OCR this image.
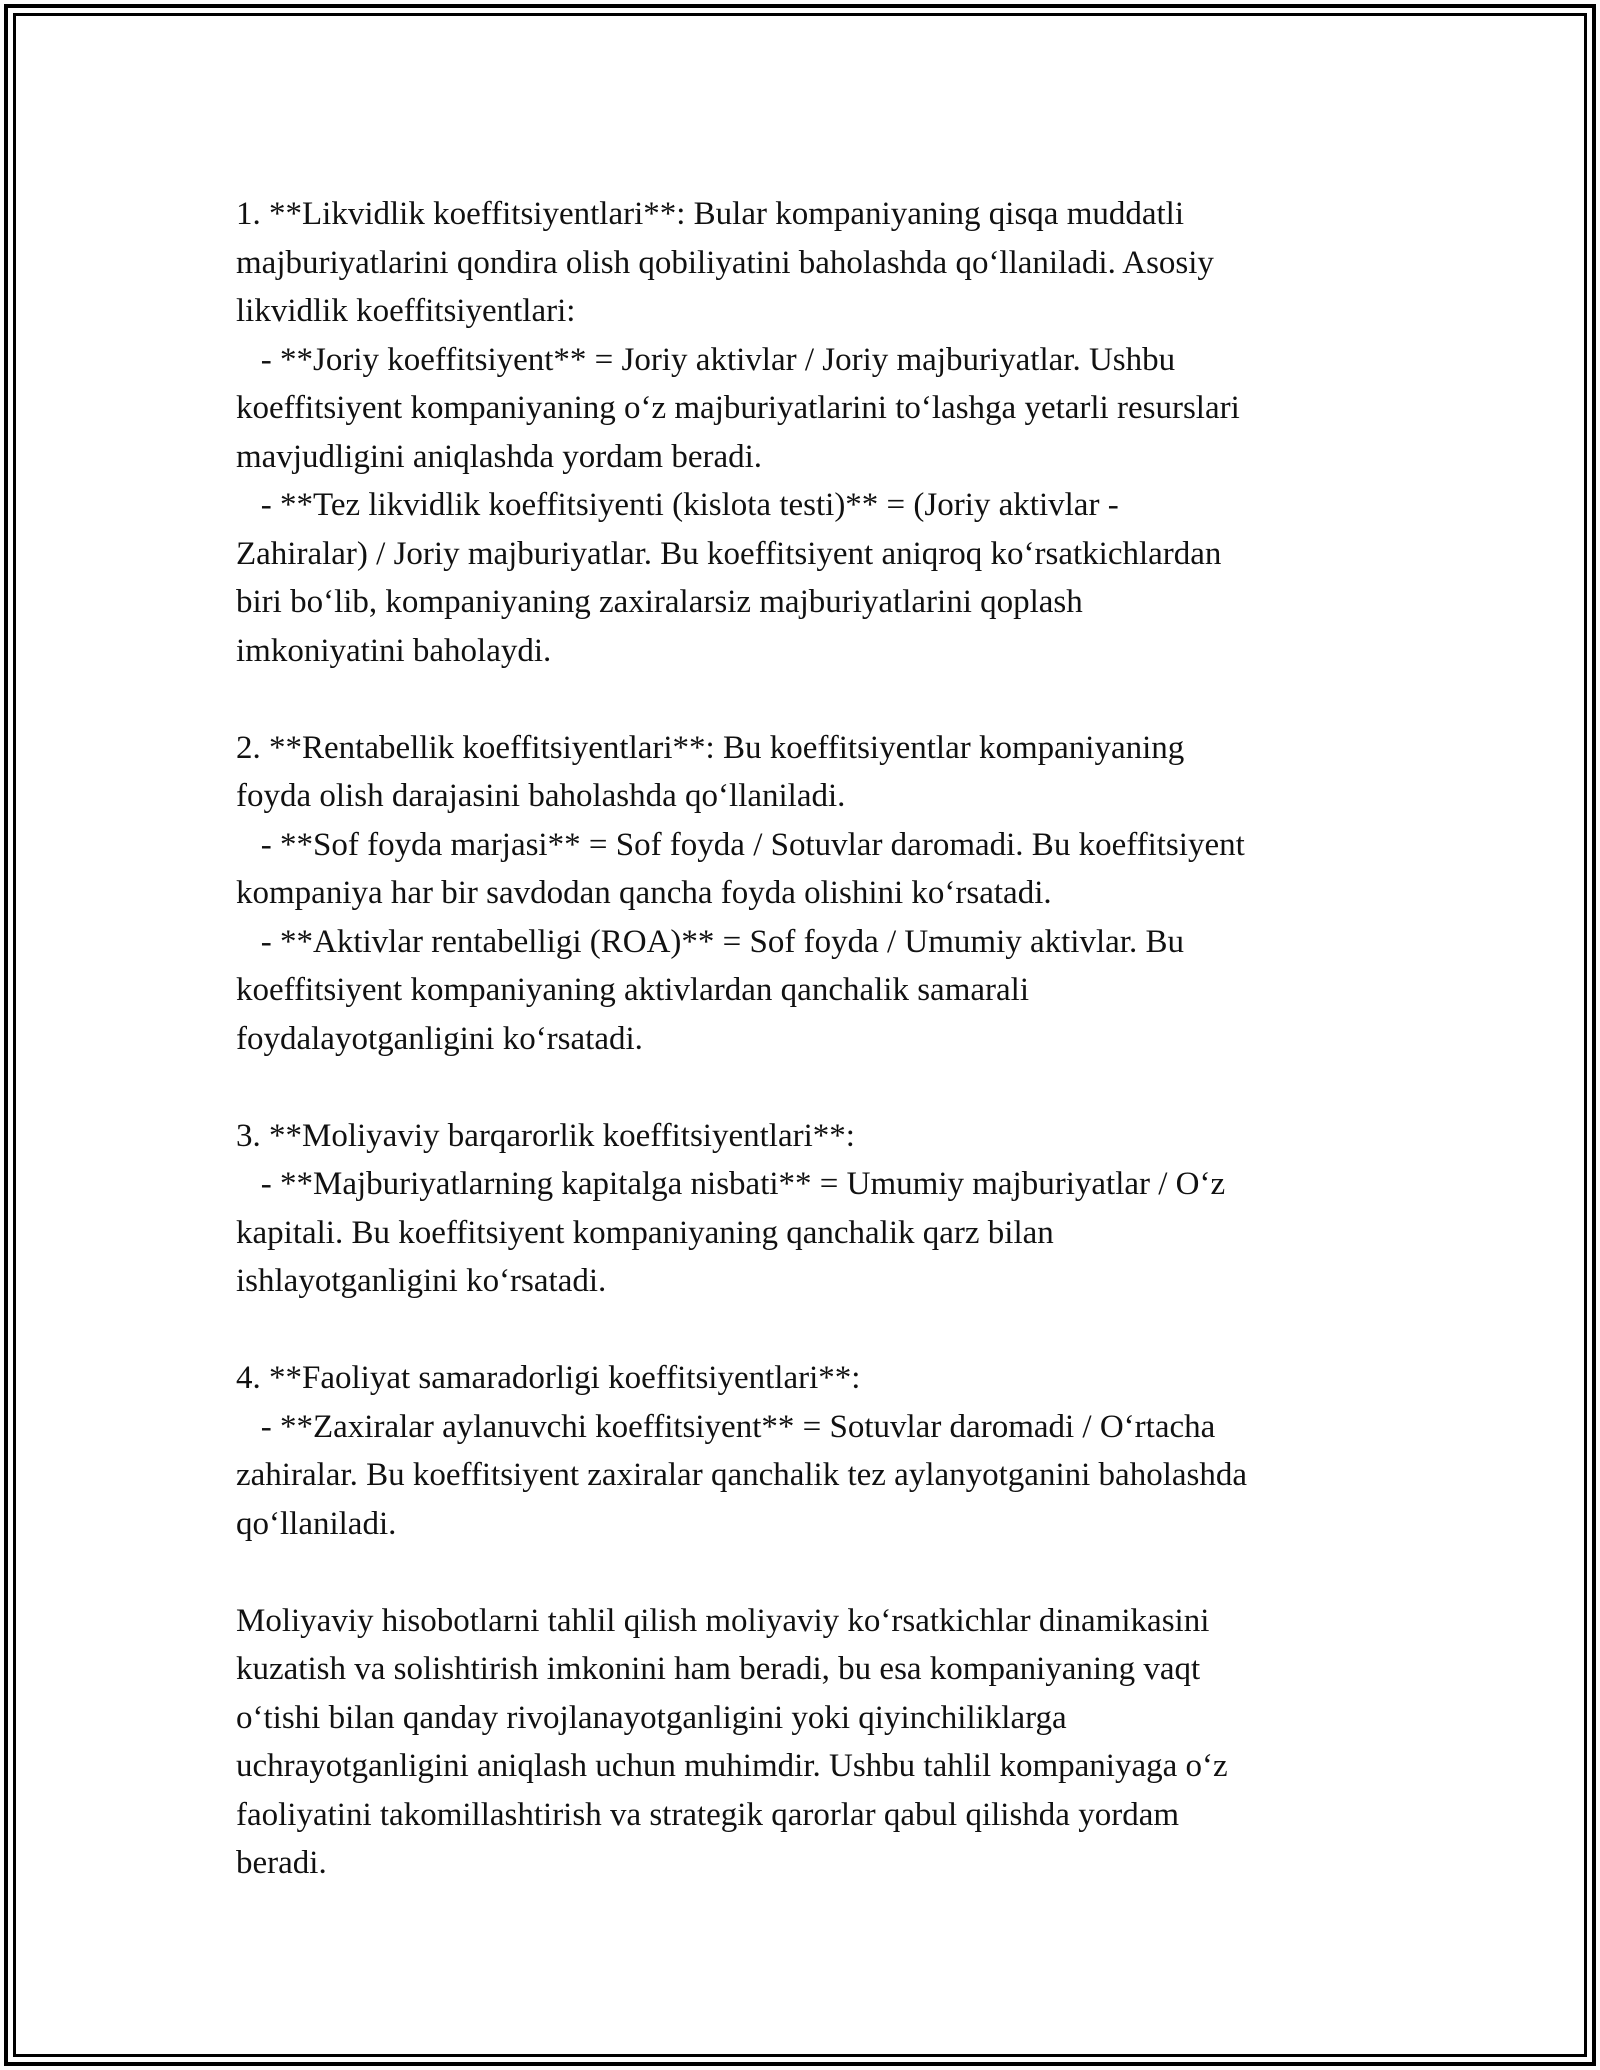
1. **Likvidlik koeffitsiyentlari**: Bular kompaniyaning qisqa muddatli
majburiyatlarini qondira olish qobiliyatini baholashda qo‘llaniladi. Asosiy
likvidlik koeffitsiyentlari:
- **Joriy koeffitsiyent** = Joriy aktivlar / Joriy majburiyatlar. Ushbu
koeffitsiyent kompaniyaning o‘z majburiyatlarini to‘lashga yetarli resurslari
mavjudligini aniqlashda yordam beradi.
- **Tez likvidlik koeffitsiyenti (kislota testi)** = (Joriy aktivlar -
Zahiralar) / Joriy majburiyatlar. Bu koeffitsiyent aniqroq ko‘rsatkichlardan
biri bo‘lib, kompaniyaning zaxiralarsiz majburiyatlarini qoplash
imkoniyatini baholaydi.
2. **Rentabellik koeffitsiyentlari**: Bu koeffitsiyentlar kompaniyaning
foyda olish darajasini baholashda qo‘llaniladi.
- **Sof foyda marjasi** = Sof foyda / Sotuvlar daromadi. Bu koeffitsiyent
kompaniya har bir savdodan qancha foyda olishini ko‘rsatadi.
- **Aktivlar rentabelligi (ROA)** = Sof foyda / Umumiy aktivlar. Bu
koeffitsiyent kompaniyaning aktivlardan qanchalik samarali
foydalayotganligini ko‘rsatadi.
3. **Moliyaviy barqarorlik koeffitsiyentlari**:
- **Majburiyatlarning kapitalga nisbati** = Umumiy majburiyatlar / O‘z
kapitali. Bu koeffitsiyent kompaniyaning qanchalik qarz bilan
ishlayotganligini ko‘rsatadi.
4. **Faoliyat samaradorligi koeffitsiyentlari**:
- **Zaxiralar aylanuvchi koeffitsiyent** = Sotuvlar daromadi / O‘rtacha
zahiralar. Bu koeffitsiyent zaxiralar qanchalik tez aylanyotganini baholashda
qo‘llaniladi.
Moliyaviy hisobotlarni tahlil qilish moliyaviy ko‘rsatkichlar dinamikasini
kuzatish va solishtirish imkonini ham beradi, bu esa kompaniyaning vaqt
o‘tishi bilan qanday rivojlanayotganligini yoki qiyinchiliklarga
uchrayotganligini aniqlash uchun muhimdir. Ushbu tahlil kompaniyaga o‘z
faoliyatini takomillashtirish va strategik qarorlar qabul qilishda yordam
beradi.
